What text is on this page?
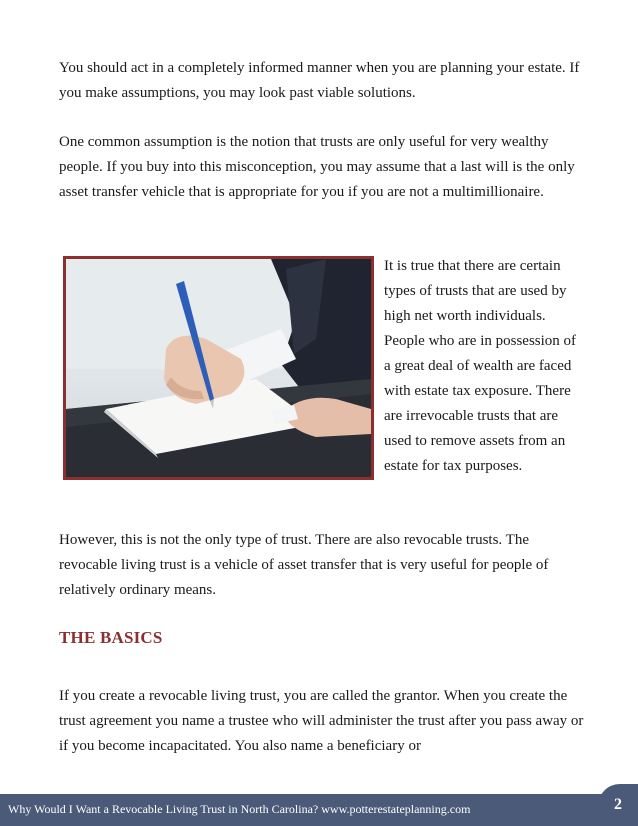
You should act in a completely informed manner when you are planning your estate. If you make assumptions, you may look past viable solutions.

One common assumption is the notion that trusts are only useful for very wealthy people. If you buy into this misconception, you may assume that a last will is the only asset transfer vehicle that is appropriate for you if you are not a multimillionaire.

It is true that there are certain types of trusts that are used by high net worth individuals. People who are in possession of a great deal of wealth are faced with estate tax exposure. There are irrevocable trusts that are used to remove assets from an estate for tax purposes.

However, this is not the only type of trust. There are also revocable trusts. The revocable living trust is a vehicle of asset transfer that is very useful for people of relatively ordinary means.

THE BASICS

If you create a revocable living trust, you are called the grantor. When you create the trust agreement you name a trustee who will administer the trust after you pass away or if you become incapacitated. You also name a beneficiary or

Why Would I Want a Revocable Living Trust in North Carolina? www.potterestateplanning.com	2
